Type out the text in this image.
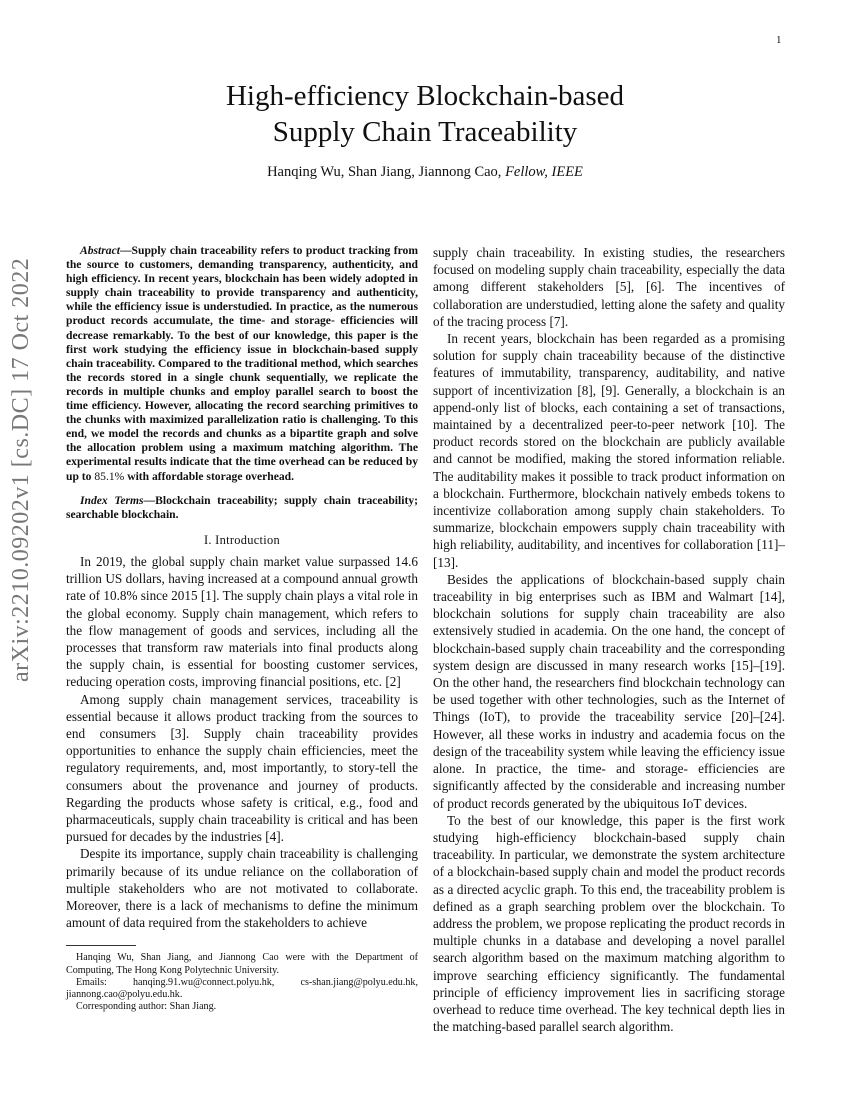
1
arXiv:2210.09202v1 [cs.DC] 17 Oct 2022
High-efficiency Blockchain-based
Supply Chain Traceability
Hanqing Wu, Shan Jiang, Jiannong Cao, Fellow, IEEE

Abstract—Supply chain traceability refers to product tracking from the source to customers, demanding transparency, authenticity, and high efficiency. In recent years, blockchain has been widely adopted in supply chain traceability to provide transparency and authenticity, while the efficiency issue is understudied. In practice, as the numerous product records accumulate, the time- and storage- efficiencies will decrease remarkably. To the best of our knowledge, this paper is the first work studying the efficiency issue in blockchain-based supply chain traceability. Compared to the traditional method, which searches the records stored in a single chunk sequentially, we replicate the records in multiple chunks and employ parallel search to boost the time efficiency. However, allocating the record searching primitives to the chunks with maximized parallelization ratio is challenging. To this end, we model the records and chunks as a bipartite graph and solve the allocation problem using a maximum matching algorithm. The experimental results indicate that the time overhead can be reduced by up to 85.1% with affordable storage overhead.

Index Terms—Blockchain traceability; supply chain traceability; searchable blockchain.

I. Introduction

In 2019, the global supply chain market value surpassed 14.6 trillion US dollars, having increased at a compound annual growth rate of 10.8% since 2015 [1]. The supply chain plays a vital role in the global economy. Supply chain management, which refers to the flow management of goods and services, including all the processes that transform raw materials into final products along the supply chain, is essential for boosting customer services, reducing operation costs, improving financial positions, etc. [2]

Among supply chain management services, traceability is essential because it allows product tracking from the sources to end consumers [3]. Supply chain traceability provides opportunities to enhance the supply chain efficiencies, meet the regulatory requirements, and, most importantly, to story-tell the consumers about the provenance and journey of products. Regarding the products whose safety is critical, e.g., food and pharmaceuticals, supply chain traceability is critical and has been pursued for decades by the industries [4].

Despite its importance, supply chain traceability is challenging primarily because of its undue reliance on the collaboration of multiple stakeholders who are not motivated to collaborate. Moreover, there is a lack of mechanisms to define the minimum amount of data required from the stakeholders to achieve

Hanqing Wu, Shan Jiang, and Jiannong Cao were with the Department of Computing, The Hong Kong Polytechnic University.

Emails: hanqing.91.wu@connect.polyu.hk, cs-shan.jiang@polyu.edu.hk, jiannong.cao@polyu.edu.hk.

Corresponding author: Shan Jiang.

supply chain traceability. In existing studies, the researchers focused on modeling supply chain traceability, especially the data among different stakeholders [5], [6]. The incentives of collaboration are understudied, letting alone the safety and quality of the tracing process [7].

In recent years, blockchain has been regarded as a promising solution for supply chain traceability because of the distinctive features of immutability, transparency, auditability, and native support of incentivization [8], [9]. Generally, a blockchain is an append-only list of blocks, each containing a set of transactions, maintained by a decentralized peer-to-peer network [10]. The product records stored on the blockchain are publicly available and cannot be modified, making the stored information reliable. The auditability makes it possible to track product information on a blockchain. Furthermore, blockchain natively embeds tokens to incentivize collaboration among supply chain stakeholders. To summarize, blockchain empowers supply chain traceability with high reliability, auditability, and incentives for collaboration [11]–[13].

Besides the applications of blockchain-based supply chain traceability in big enterprises such as IBM and Walmart [14], blockchain solutions for supply chain traceability are also extensively studied in academia. On the one hand, the concept of blockchain-based supply chain traceability and the corresponding system design are discussed in many research works [15]–[19]. On the other hand, the researchers find blockchain technology can be used together with other technologies, such as the Internet of Things (IoT), to provide the traceability service [20]–[24]. However, all these works in industry and academia focus on the design of the traceability system while leaving the efficiency issue alone. In practice, the time- and storage- efficiencies are significantly affected by the considerable and increasing number of product records generated by the ubiquitous IoT devices.

To the best of our knowledge, this paper is the first work studying high-efficiency blockchain-based supply chain traceability. In particular, we demonstrate the system architecture of a blockchain-based supply chain and model the product records as a directed acyclic graph. To this end, the traceability problem is defined as a graph searching problem over the blockchain. To address the problem, we propose replicating the product records in multiple chunks in a database and developing a novel parallel search algorithm based on the maximum matching algorithm to improve searching efficiency significantly. The fundamental principle of efficiency improvement lies in sacrificing storage overhead to reduce time overhead. The key technical depth lies in the matching-based parallel search algorithm.
